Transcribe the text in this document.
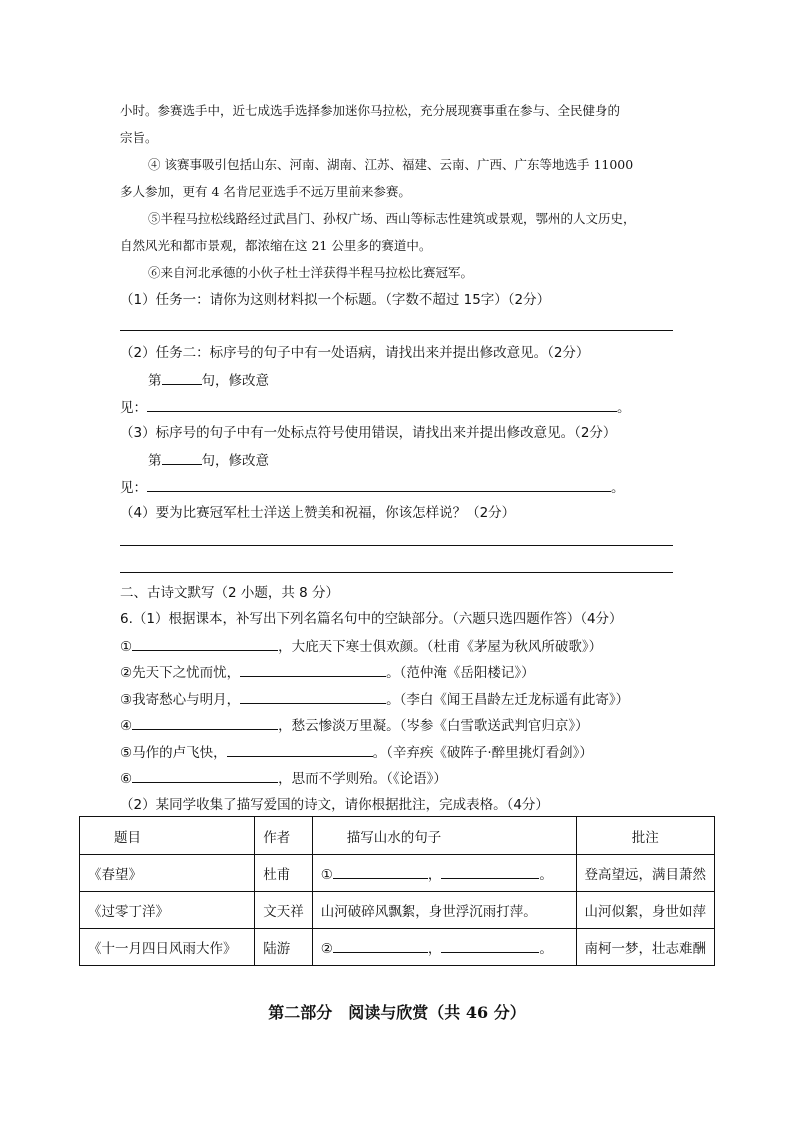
小时。参赛选手中，近七成选手选择参加迷你马拉松，充分展现赛事重在参与、全民健身的
宗旨。
④ 该赛事吸引包括山东、河南、湖南、江苏、福建、云南、广西、广东等地选手 11000
多人参加，更有 4 名肯尼亚选手不远万里前来参赛。
⑤半程马拉松线路经过武昌门、孙权广场、西山等标志性建筑或景观，鄂州的人文历史，
自然风光和都市景观，都浓缩在这 21 公里多的赛道中。
⑥来自河北承德的小伙子杜士洋获得半程马拉松比赛冠军。
（1）任务一：请你为这则材料拟一个标题。（字数不超过 15字）（2分）
（2）任务二：标序号的句子中有一处语病，请找出来并提出修改意见。（2分）
第	句，修改意
见：	。
（3）标序号的句子中有一处标点符号使用错误，请找出来并提出修改意见。（2分）
第	句，修改意
见：	。
（4）要为比赛冠军杜士洋送上赞美和祝福，你该怎样说？（2分）
二、古诗文默写（2 小题，共 8 分）
6.（1）根据课本，补写出下列名篇名句中的空缺部分。（六题只选四题作答）（4分）
①	，大庇天下寒士俱欢颜。（杜甫《茅屋为秋风所破歌》）
②先天下之忧而忧，	。（范仲淹《岳阳楼记》）
③我寄愁心与明月，	。（李白《闻王昌龄左迁龙标遥有此寄》）
④	，愁云惨淡万里凝。（岑参《白雪歌送武判官归京》）
⑤马作的卢飞快，	。（辛弃疾《破阵子·醉里挑灯看剑》）
⑥	，思而不学则殆。（《论语》）
（2）某同学收集了描写爱国的诗文，请你根据批注，完成表格。（4分）
题目	作者	描写山水的句子	批注
《春望》	杜甫	① ， 。	登高望远，满目萧然
《过零丁洋》	文天祥	山河破碎风飘絮，身世浮沉雨打萍。	山河似絮，身世如萍
《十一月四日风雨大作》	陆游	② ， 。	南柯一梦，壮志难酬
第二部分　阅读与欣赏（共 46 分）
